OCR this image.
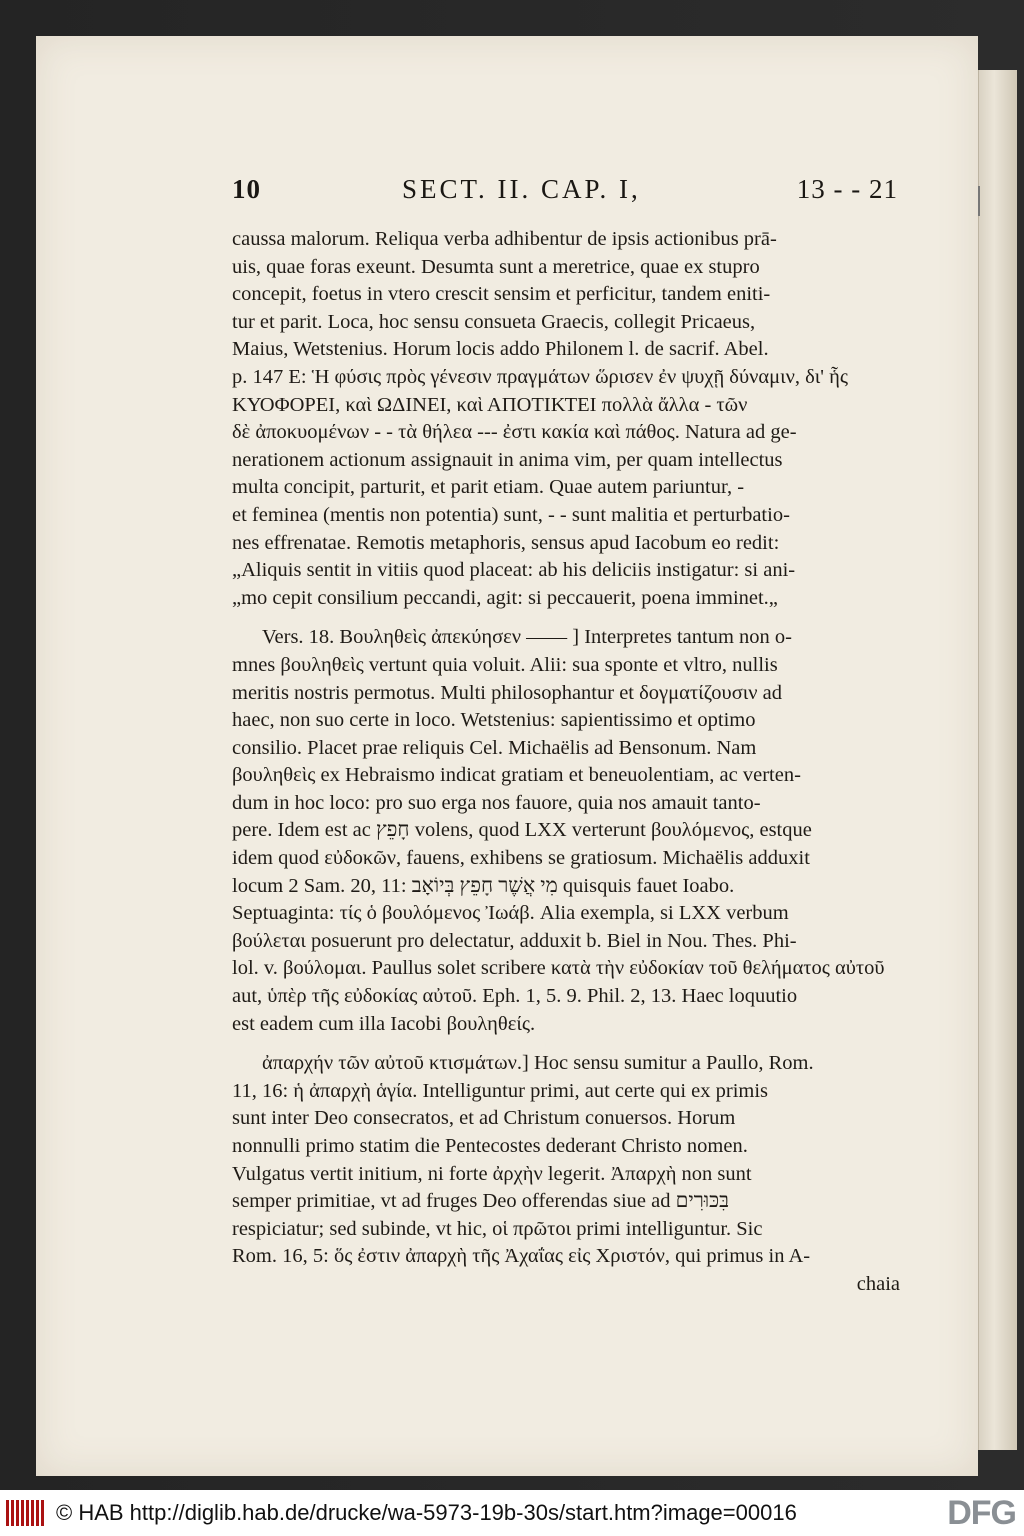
10	SECT. II. CAP. I,	13 - - 21
caussa malorum. Reliqua verba adhibentur de ipsis actionibus prā-
uis, quae foras exeunt. Desumta sunt a meretrice, quae ex stupro
concepit, foetus in vtero crescit sensim et perficitur, tandem eniti-
tur et parit. Loca, hoc sensu consueta Graecis, collegit Pricaeus,
Maius, Wetstenius. Horum locis addo Philonem l. de sacrif. Abel.
p. 147 E: Ἡ φύσις πρὸς γένεσιν πραγμάτων ὥρισεν ἐν ψυχῇ δύναμιν, δι' ἧς
ΚΥΟΦΟΡΕΙ, καὶ ΩΔΙΝΕΙ, καὶ ΑΠΟΤΙΚΤΕΙ πολλὰ ἄλλα - τῶν
δὲ ἀποκυομένων - - τὰ θήλεα --- ἐστι κακία καὶ πάθος. Natura ad ge-
nerationem actionum assignauit in anima vim, per quam intellectus
multa concipit, parturit, et parit etiam. Quae autem pariuntur, -
et feminea (mentis non potentia) sunt, - - sunt malitia et perturbatio-
nes effrenatae. Remotis metaphoris, sensus apud Iacobum eo redit:
„Aliquis sentit in vitiis quod placeat: ab his deliciis instigatur: si ani-
„mo cepit consilium peccandi, agit: si peccauerit, poena imminet.„
Vers. 18. Βουληθεὶς ἀπεκύησεν ―― ] Interpretes tantum non o-
mnes βουληθεὶς vertunt quia voluit. Alii: sua sponte et vltro, nullis
meritis nostris permotus. Multi philosophantur et δογματίζουσιν ad
haec, non suo certe in loco. Wetstenius: sapientissimo et optimo
consilio. Placet prae reliquis Cel. Michaëlis ad Bensonum. Nam
βουληθεὶς ex Hebraismo indicat gratiam et beneuolentiam, ac verten-
dum in hoc loco: pro suo erga nos fauore, quia nos amauit tanto-
pere. Idem est ac חָפֵץ volens, quod LXX verterunt βουλόμενος, estque
idem quod εὐδοκῶν, fauens, exhibens se gratiosum. Michaëlis adduxit
locum 2 Sam. 20, 11: מִי אֲשֶׁר חָפֵץ בְּיוֹאָב quisquis fauet Ioabo.
Septuaginta: τίς ὁ βουλόμενος Ἰωάβ. Alia exempla, si LXX verbum
βούλεται posuerunt pro delectatur, adduxit b. Biel in Nou. Thes. Phi-
lol. v. βούλομαι. Paullus solet scribere κατὰ τὴν εὐδοκίαν τοῦ θελήματος αὐτοῦ
aut, ὑπὲρ τῆς εὐδοκίας αὐτοῦ. Eph. 1, 5. 9. Phil. 2, 13. Haec loquutio
est eadem cum illa Iacobi βουληθείς.
ἀπαρχήν τῶν αὐτοῦ κτισμάτων.] Hoc sensu sumitur a Paullo, Rom.
11, 16: ἡ ἀπαρχὴ ἁγία. Intelliguntur primi, aut certe qui ex primis
sunt inter Deo consecratos, et ad Christum conuersos. Horum
nonnulli primo statim die Pentecostes dederant Christo nomen.
Vulgatus vertit initium, ni forte ἀρχὴν legerit. Ἀπαρχὴ non sunt
semper primitiae, vt ad fruges Deo offerendas siue ad בִּכּוּרִים
respiciatur; sed subinde, vt hic, οἱ πρῶτοι primi intelliguntur. Sic
Rom. 16, 5: ὅς ἐστιν ἀπαρχὴ τῆς Ἀχαΐας εἰς Χριστόν, qui primus in A-
chaia
© HAB http://diglib.hab.de/drucke/wa-5973-19b-30s/start.htm?image=00016	DFG
